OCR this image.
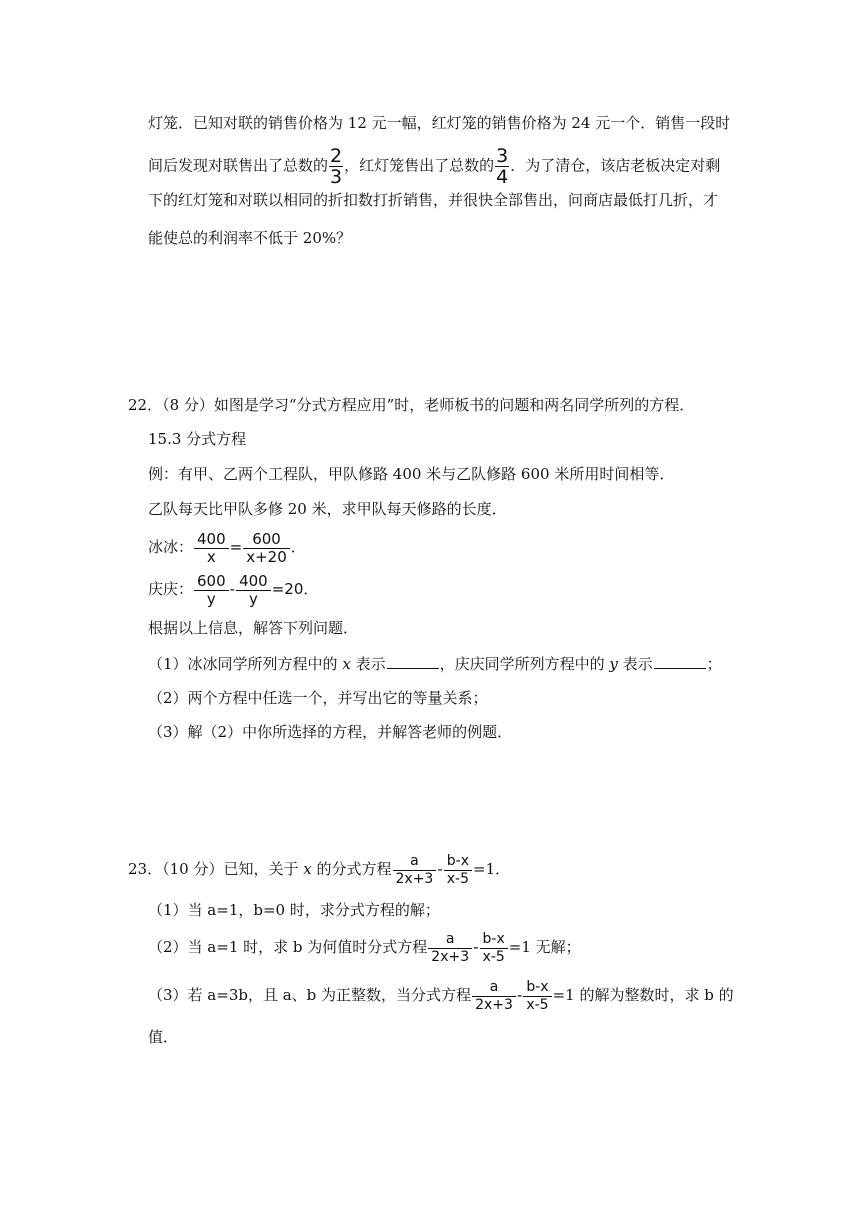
灯笼．已知对联的销售价格为 12 元一幅，红灯笼的销售价格为 24 元一个．销售一段时
间后发现对联售出了总数的 $\frac{2}{3}$ ，红灯笼售出了总数的 $\frac{3}{4}$ ．为了清仓，该店老板决定对剩
下的红灯笼和对联以相同的折扣数打折销售，并很快全部售出，问商店最低打几折，才
能使总的利润率不低于 20%？
22．（8 分）如图是学习“分式方程应用”时，老师板书的问题和两名同学所列的方程．
15.3 分式方程
例：有甲、乙两个工程队，甲队修路 400 米与乙队修路 600 米所用时间相等．
乙队每天比甲队多修 20 米，求甲队每天修路的长度．
冰冰： $\frac{400}{x} = \frac{600}{x+20}$ ．
庆庆： $\frac{600}{y} - \frac{400}{y} =20$．
根据以上信息，解答下列问题．
（1）冰冰同学所列方程中的 x 表示	，庆庆同学所列方程中的 y 表示	；
（2）两个方程中任选一个，并写出它的等量关系；
（3）解（2）中你所选择的方程，并解答老师的例题．
23．（10 分）已知，关于 x 的分式方程 $\frac{a}{2x+3} - \frac{b-x}{x-5} =1$．
（1）当 a=1，b=0 时，求分式方程的解；
（2）当 a=1 时，求 b 为何值时分式方程 $\frac{a}{2x+3} - \frac{b-x}{x-5} =1$ 无解；
（3）若 a=3b，且 a、b 为正整数，当分式方程 $\frac{a}{2x+3} - \frac{b-x}{x-5} =1$ 的解为整数时，求 b 的
值．
